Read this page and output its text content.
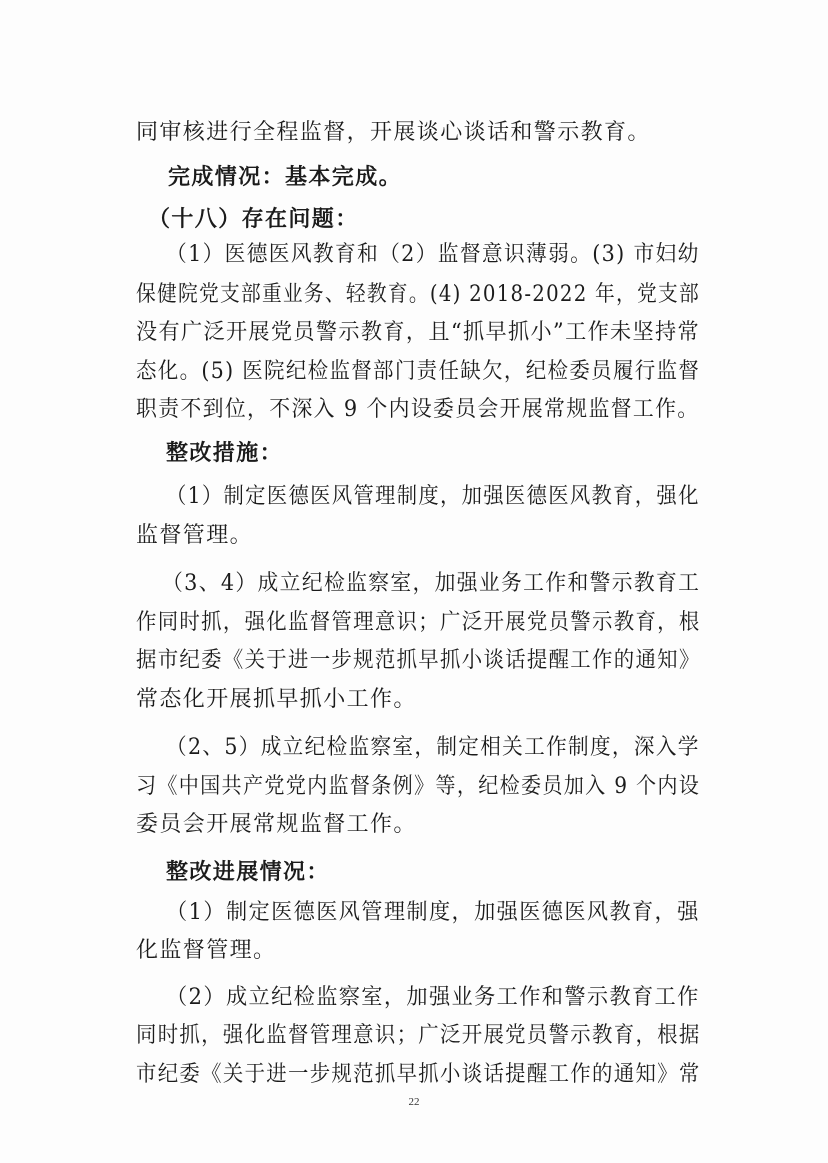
同审核进行全程监督，开展谈心谈话和警示教育。
完成情况：基本完成。
（十八）存在问题：
（1）医德医风教育和（2）监督意识薄弱。(3) 市妇幼
保健院党支部重业务、轻教育。(4) 2018-2022 年，党支部
没有广泛开展党员警示教育，且“抓早抓小”工作未坚持常
态化。(5) 医院纪检监督部门责任缺欠，纪检委员履行监督
职责不到位，不深入 9 个内设委员会开展常规监督工作。
整改措施：
（1）制定医德医风管理制度，加强医德医风教育，强化
监督管理。
（3、4）成立纪检监察室，加强业务工作和警示教育工
作同时抓，强化监督管理意识；广泛开展党员警示教育，根
据市纪委《关于进一步规范抓早抓小谈话提醒工作的通知》
常态化开展抓早抓小工作。
（2、5）成立纪检监察室，制定相关工作制度，深入学
习《中国共产党党内监督条例》等，纪检委员加入 9 个内设
委员会开展常规监督工作。
整改进展情况：
（1）制定医德医风管理制度，加强医德医风教育，强
化监督管理。
（2）成立纪检监察室，加强业务工作和警示教育工作
同时抓，强化监督管理意识；广泛开展党员警示教育，根据
市纪委《关于进一步规范抓早抓小谈话提醒工作的通知》常
22
